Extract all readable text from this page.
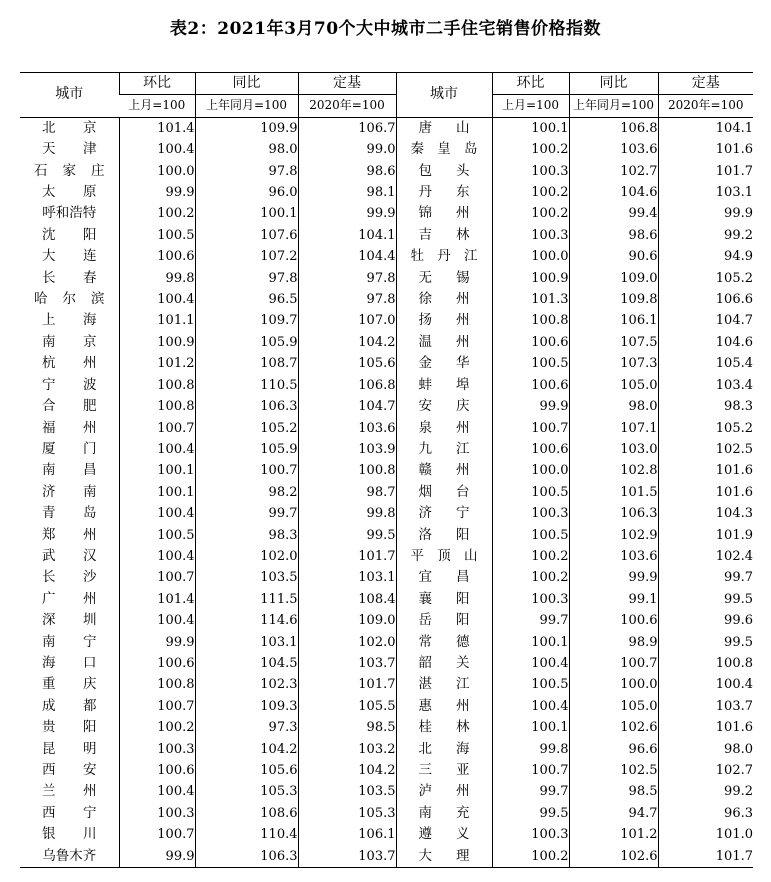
表2：2021年3月70个大中城市二手住宅销售价格指数
城市	环比	同比	定基	城市	环比	同比	定基
	上月=100	上年同月=100	2020年=100		上月=100	上年同月=100	2020年=100
北京	101.4	109.9	106.7	唐山	100.1	106.8	104.1
天津	100.4	98.0	99.0	秦皇岛	100.2	103.6	101.6
石家庄	100.0	97.8	98.6	包头	100.3	102.7	101.7
太原	99.9	96.0	98.1	丹东	100.2	104.6	103.1
呼和浩特	100.2	100.1	99.9	锦州	100.2	99.4	99.9
沈阳	100.5	107.6	104.1	吉林	100.3	98.6	99.2
大连	100.6	107.2	104.4	牡丹江	100.0	90.6	94.9
长春	99.8	97.8	97.8	无锡	100.9	109.0	105.2
哈尔滨	100.4	96.5	97.8	徐州	101.3	109.8	106.6
上海	101.1	109.7	107.0	扬州	100.8	106.1	104.7
南京	100.9	105.9	104.2	温州	100.6	107.5	104.6
杭州	101.2	108.7	105.6	金华	100.5	107.3	105.4
宁波	100.8	110.5	106.8	蚌埠	100.6	105.0	103.4
合肥	100.8	106.3	104.7	安庆	99.9	98.0	98.3
福州	100.7	105.2	103.6	泉州	100.7	107.1	105.2
厦门	100.4	105.9	103.9	九江	100.6	103.0	102.5
南昌	100.1	100.7	100.8	赣州	100.0	102.8	101.6
济南	100.1	98.2	98.7	烟台	100.5	101.5	101.6
青岛	100.4	99.7	99.8	济宁	100.3	106.3	104.3
郑州	100.5	98.3	99.5	洛阳	100.5	102.9	101.9
武汉	100.4	102.0	101.7	平顶山	100.2	103.6	102.4
长沙	100.7	103.5	103.1	宜昌	100.2	99.9	99.7
广州	101.4	111.5	108.4	襄阳	100.3	99.1	99.5
深圳	100.4	114.6	109.0	岳阳	99.7	100.6	99.6
南宁	99.9	103.1	102.0	常德	100.1	98.9	99.5
海口	100.6	104.5	103.7	韶关	100.4	100.7	100.8
重庆	100.8	102.3	101.7	湛江	100.5	100.0	100.4
成都	100.7	109.3	105.5	惠州	100.4	105.0	103.7
贵阳	100.2	97.3	98.5	桂林	100.1	102.6	101.6
昆明	100.3	104.2	103.2	北海	99.8	96.6	98.0
西安	100.6	105.6	104.2	三亚	100.7	102.5	102.7
兰州	100.4	105.3	103.5	泸州	99.7	98.5	99.2
西宁	100.3	108.6	105.3	南充	99.5	94.7	96.3
银川	100.7	110.4	106.1	遵义	100.3	101.2	101.0
乌鲁木齐	99.9	106.3	103.7	大理	100.2	102.6	101.7
